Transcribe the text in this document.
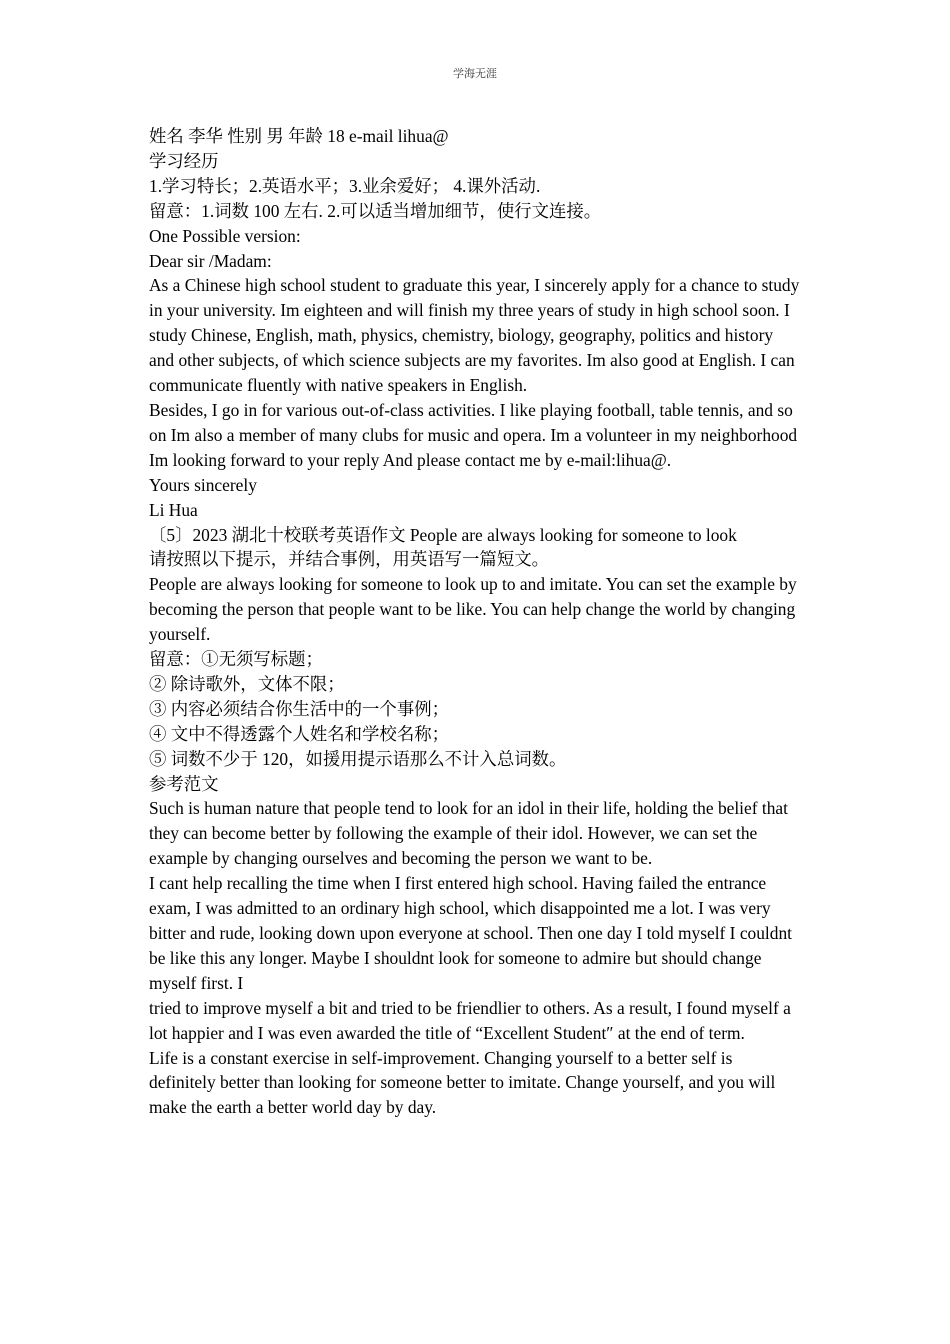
学海无涯

姓名 李华 性别 男 年龄 18 e-mail lihua@

学习经历

1.学习特长；2.英语水平；3.业余爱好； 4.课外活动.

留意：1.词数 100 左右. 2.可以适当增加细节，使行文连接。

One Possible version:

Dear sir /Madam:

As a Chinese high school student to graduate this year, I sincerely apply for a chance to study in your university. Im eighteen and will finish my three years of study in high school soon. I study Chinese, English, math, physics, chemistry, biology, geography, politics and history and other subjects, of which science subjects are my favorites. Im also good at English. I can communicate fluently with native speakers in English.

Besides, I go in for various out-of-class activities. I like playing football, table tennis, and so on Im also a member of many clubs for music and opera. Im a volunteer in my neighborhood Im looking forward to your reply And please contact me by e-mail:lihua@.

Yours sincerely

Li Hua

〔5〕2023 湖北十校联考英语作文 People are always looking for someone to look

请按照以下提示，并结合事例，用英语写一篇短文。

People are always looking for someone to look up to and imitate. You can set the example by becoming the person that people want to be like. You can help change the world by changing yourself.

留意：①无须写标题；

② 除诗歌外，文体不限；

③ 内容必须结合你生活中的一个事例；

④ 文中不得透露个人姓名和学校名称；

⑤ 词数不少于 120，如援用提示语那么不计入总词数。

参考范文

Such is human nature that people tend to look for an idol in their life, holding the belief that they can become better by following the example of their idol. However, we can set the example by changing ourselves and becoming the person we want to be.

I cant help recalling the time when I first entered high school. Having failed the entrance exam, I was admitted to an ordinary high school, which disappointed me a lot. I was very bitter and rude, looking down upon everyone at school. Then one day I told myself I couldnt be like this any longer. Maybe I shouldnt look for someone to admire but should change myself first. I

tried to improve myself a bit and tried to be friendlier to others. As a result, I found myself a lot happier and I was even awarded the title of “Excellent Student″ at the end of term.

Life is a constant exercise in self-improvement. Changing yourself to a better self is definitely better than looking for someone better to imitate. Change yourself, and you will make the earth a better world day by day.
